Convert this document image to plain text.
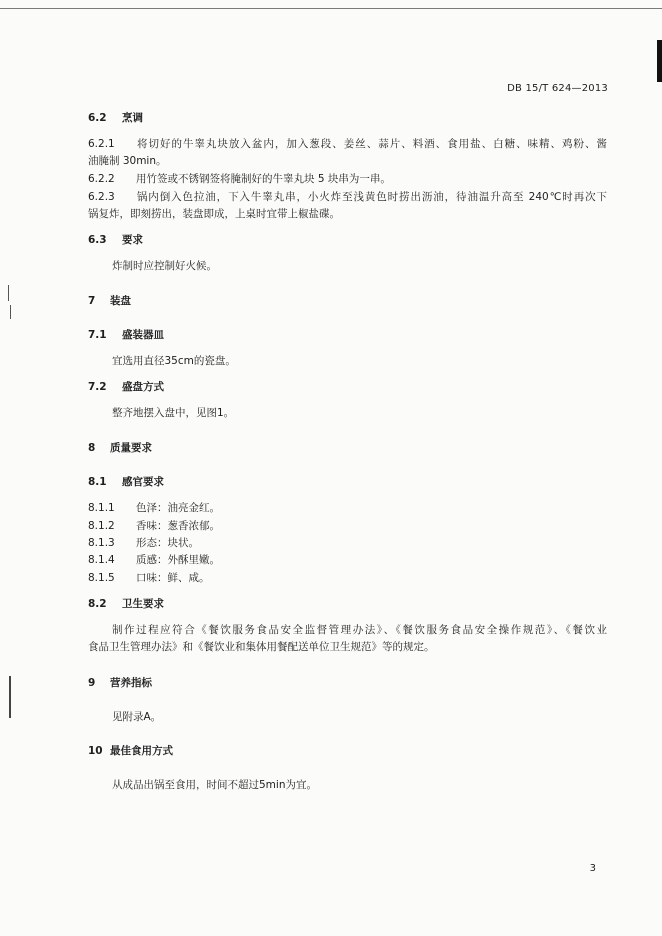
DB 15/T 624—2013
6.2 烹调
6.2.1 将切好的牛睾丸块放入盆内，加入葱段、姜丝、蒜片、料酒、食用盐、白糖、味精、鸡粉、酱
油腌制 30min。
6.2.2 用竹签或不锈钢签将腌制好的牛睾丸块 5 块串为一串。
6.2.3 锅内倒入色拉油，下入牛睾丸串，小火炸至浅黄色时捞出沥油，待油温升高至 240℃时再次下
锅复炸，即刻捞出，装盘即成，上桌时宜带上椒盐碟。
6.3 要求
炸制时应控制好火候。
7 装盘
7.1 盛装器皿
宜选用直径35cm的瓷盘。
7.2 盛盘方式
整齐地摆入盘中，见图1。
8 质量要求
8.1 感官要求
8.1.1 色泽：油亮金红。
8.1.2 香味：葱香浓郁。
8.1.3 形态：块状。
8.1.4 质感：外酥里嫩。
8.1.5 口味：鲜、咸。
8.2 卫生要求
制作过程应符合《餐饮服务食品安全监督管理办法》、《餐饮服务食品安全操作规范》、《餐饮业
食品卫生管理办法》和《餐饮业和集体用餐配送单位卫生规范》等的规定。
9 营养指标
见附录A。
10 最佳食用方式
从成品出锅至食用，时间不超过5min为宜。
3
